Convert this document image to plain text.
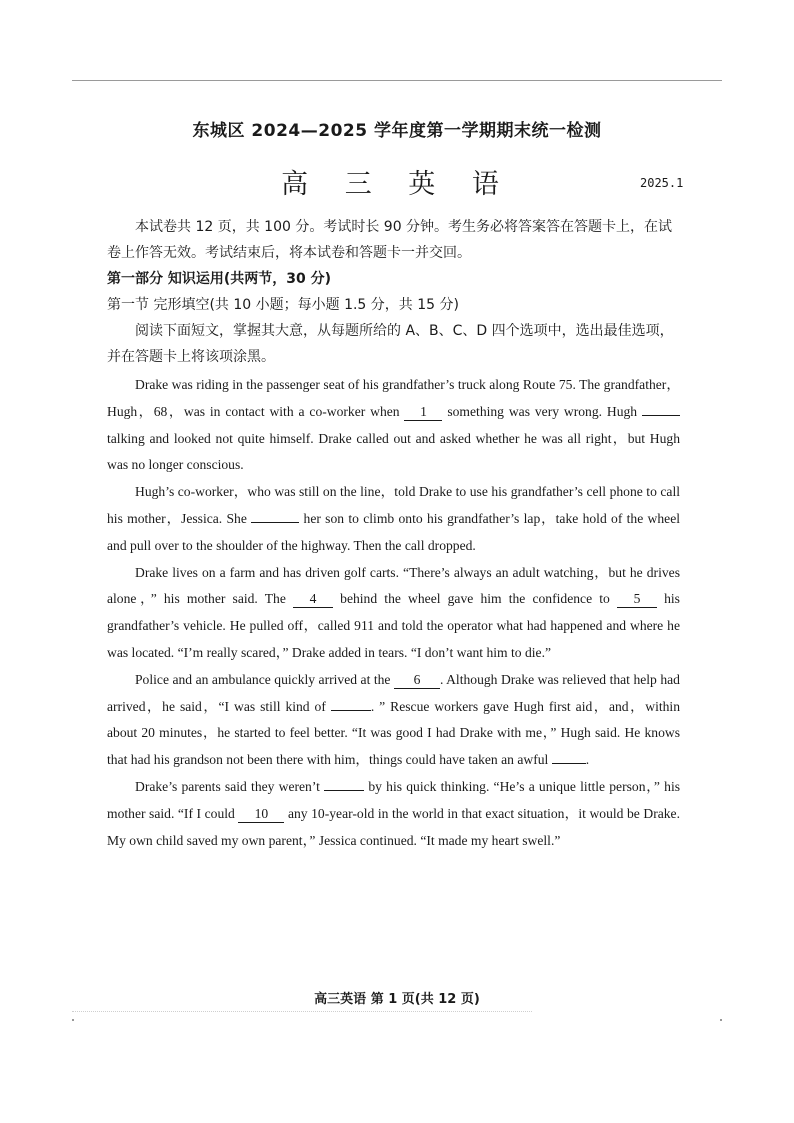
东城区 2024—2025 学年度第一学期期末统一检测
高 三 英 语	2025.1

本试卷共 12 页，共 100 分。考试时长 90 分钟。考生务必将答案答在答题卡上，在试卷上作答无效。考试结束后，将本试卷和答题卡一并交回。

第一部分 知识运用(共两节，30 分)

第一节 完形填空(共 10 小题；每小题 1.5 分，共 15 分)

阅读下面短文，掌握其大意，从每题所给的 A、B、C、D 四个选项中，选出最佳选项，并在答题卡上将该项涂黑。

Drake was riding in the passenger seat of his grandfather’s truck along Route 75. The grandfather，Hugh，68，was in contact with a co-worker when 1 something was very wrong. Hugh  talking and looked not quite himself. Drake called out and asked whether he was all right，but Hugh was no longer conscious.

Hugh’s co-worker，who was still on the line，told Drake to use his grandfather’s cell phone to call his mother，Jessica. She	her son to climb onto his grandfather’s lap，take hold of the wheel and pull over to the shoulder of the highway. Then the call dropped.

Drake lives on a farm and has driven golf carts. “There’s always an adult watching，but he drives alone，” his mother said. The 4 behind the wheel gave him the confidence to 5 his grandfather’s vehicle. He pulled off，called 911 and told the operator what had happened and where he was located. “I’m really scared，” Drake added in tears. “I don’t want him to die.”

Police and an ambulance quickly arrived at the 6 . Although Drake was relieved that help had arrived，he said，“I was still kind of	. ” Rescue workers gave Hugh first aid，and，within about 20 minutes，he started to feel better. “It was good I had Drake with me，” Hugh said. He knows that had his grandson not been there with him，things could have taken an awful	.

Drake’s parents said they weren’t	by his quick thinking. “He’s a unique little person，” his mother said. “If I could 10 any 10-year-old in the world in that exact situation，it would be Drake. My own child saved my own parent，” Jessica continued. “It made my heart swell.”

高三英语 第 1 页(共 12 页)
